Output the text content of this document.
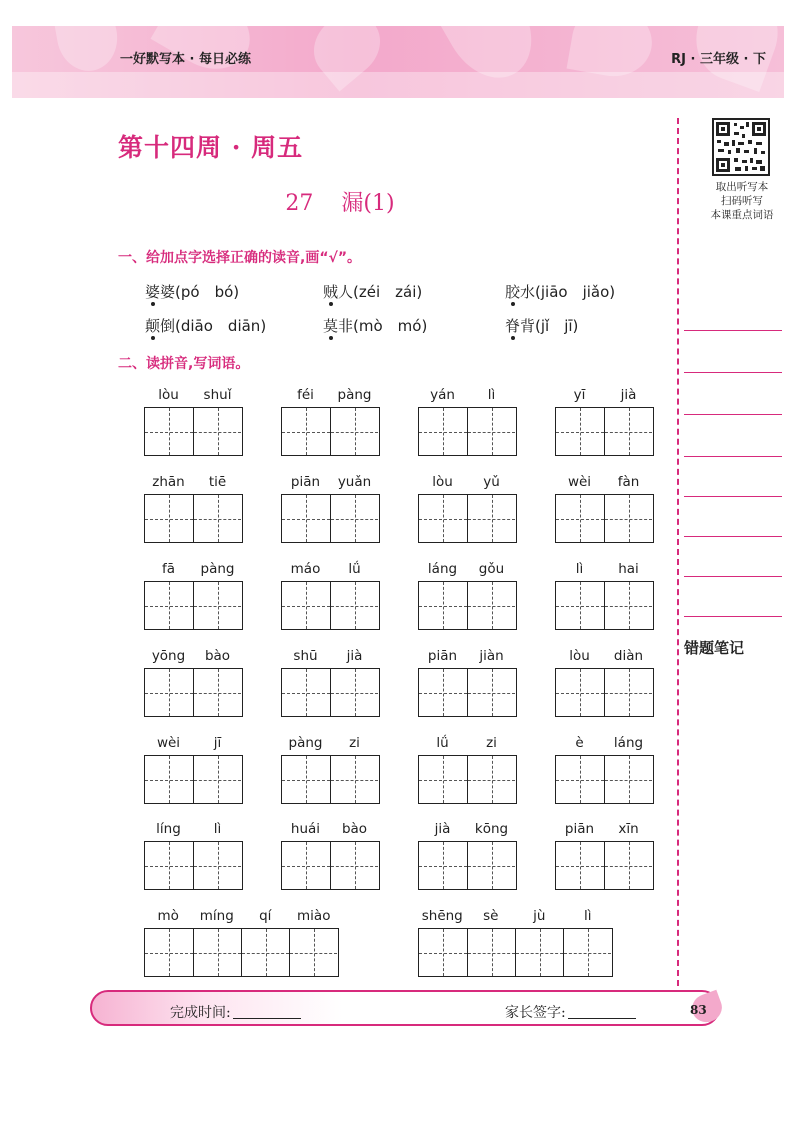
一好默写本 · 每日必练	RJ · 三年级 · 下
第十四周 · 周五
27 漏(1)
一、给加点字选择正确的读音,画“√”。
婆婆(pó　bó)	贼人(zéi　zái)	胶水(jiāo　jiǎo)
颠倒(diāo　diān)	莫非(mò　mó)	脊背(jǐ　jī)
二、读拼音,写词语。
lòu	shuǐ	féi	pàng	yán	lì	yī	jià
zhān	tiē	piān	yuǎn	lòu	yǔ	wèi	fàn
fā	pàng	máo	lǘ	láng	gǒu	lì	hai
yōng	bào	shū	jià	piān	jiàn	lòu	diàn
wèi	jī	pàng	zi	lǘ	zi	è	láng
líng	lì	huái	bào	jià	kōng	piān	xīn
mò	míng	qí	miào	shēng	sè	jù	lì
取出听写本
扫码听写
本课重点词语
错题笔记
完成时间:	家长签字:	83
